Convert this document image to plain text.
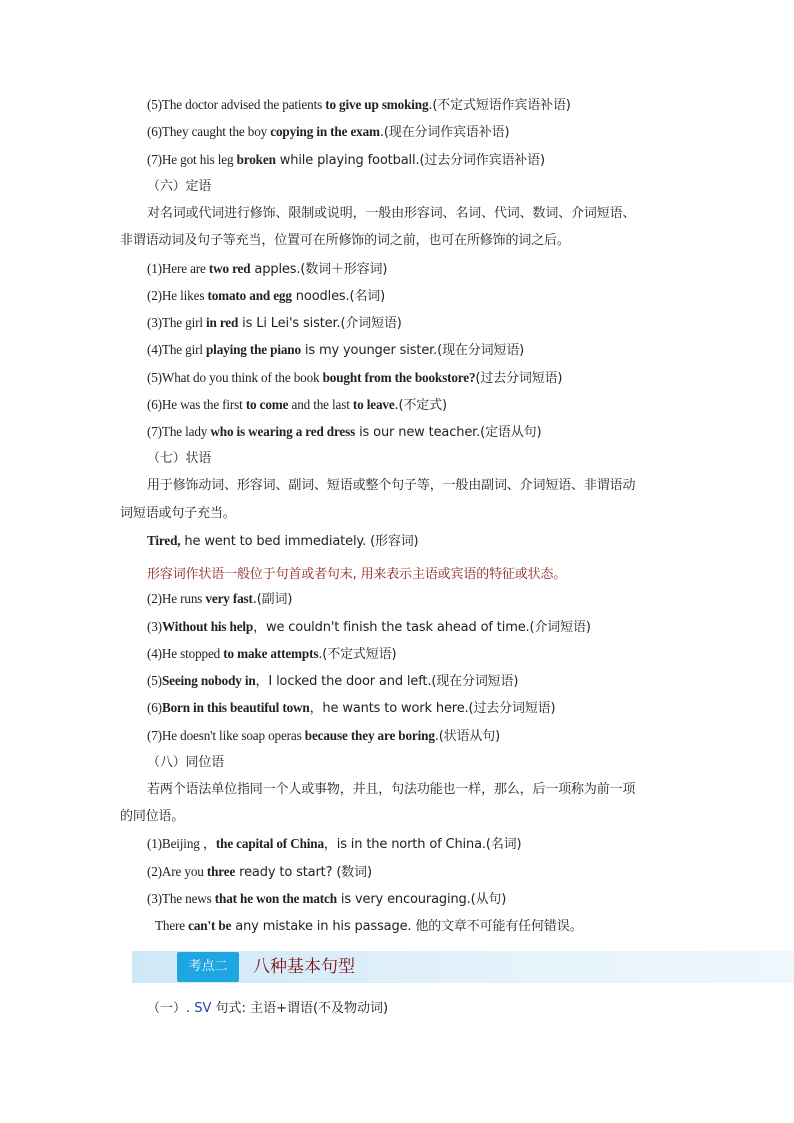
(5)The doctor advised the patients to give up smoking.(不定式短语作宾语补语)
(6)They caught the boy copying in the exam.(现在分词作宾语补语)
(7)He got his leg broken while playing football.(过去分词作宾语补语)
（六）定语
对名词或代词进行修饰、限制或说明，一般由形容词、名词、代词、数词、介词短语、
非谓语动词及句子等充当，位置可在所修饰的词之前，也可在所修饰的词之后。
(1)Here are two red apples.(数词＋形容词)
(2)He likes tomato and egg noodles.(名词)
(3)The girl in red is Li Lei's sister.(介词短语)
(4)The girl playing the piano is my younger sister.(现在分词短语)
(5)What do you think of the book bought from the bookstore?(过去分词短语)
(6)He was the first to come and the last to leave.(不定式)
(7)The lady who is wearing a red dress is our new teacher.(定语从句)
（七）状语
用于修饰动词、形容词、副词、短语或整个句子等，一般由副词、介词短语、非谓语动
词短语或句子充当。
Tired, he went to bed immediately. (形容词)
形容词作状语一般位于句首或者句末, 用来表示主语或宾语的特征或状态。
(2)He runs very fast.(副词)
(3)Without his help，we couldn't finish the task ahead of time.(介词短语)
(4)He stopped to make attempts.(不定式短语)
(5)Seeing nobody in，I locked the door and left.(现在分词短语)
(6)Born in this beautiful town，he wants to work here.(过去分词短语)
(7)He doesn't like soap operas because they are boring.(状语从句)
（八）同位语
若两个语法单位指同一个人或事物，并且，句法功能也一样，那么，后一项称为前一项
的同位语。
(1)Beijing ，the capital of China，is in the north of China.(名词)
(2)Are you three ready to start? (数词)
(3)The news that he won the match is very encouraging.(从句)
There can't be any mistake in his passage. 他的文章不可能有任何错误。
考点二	八种基本句型
（一）. SV 句式: 主语+谓语(不及物动词)
